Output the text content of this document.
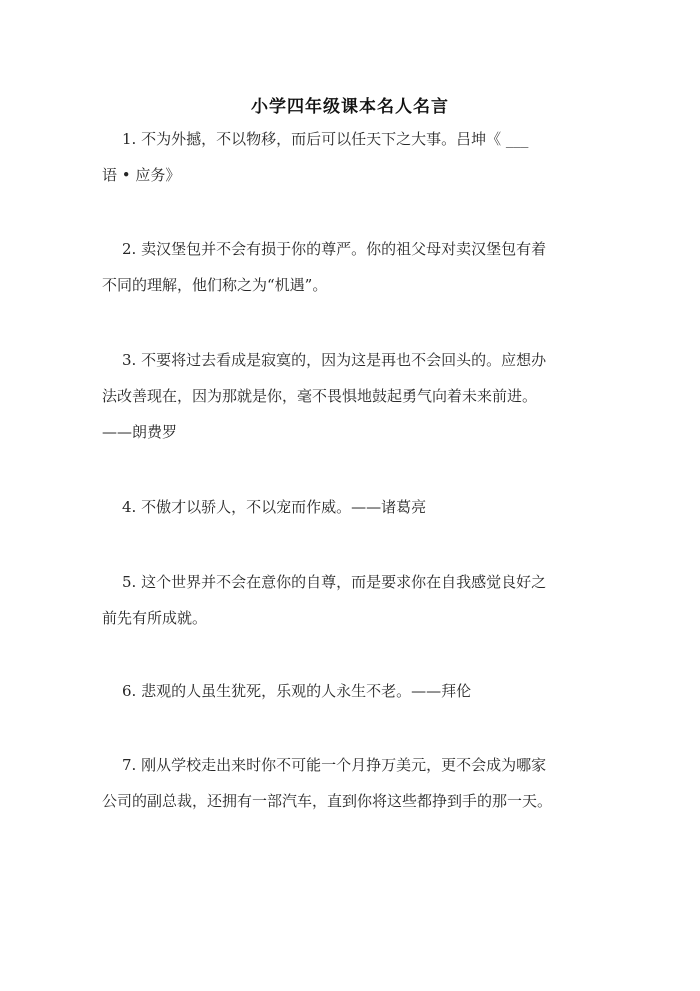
小学四年级课本名人名言
1. 不为外撼，不以物移，而后可以任天下之大事。吕坤《 ___
语 • 应务》
2. 卖汉堡包并不会有损于你的尊严。你的祖父母对卖汉堡包有着
不同的理解，他们称之为“机遇”。
3. 不要将过去看成是寂寞的，因为这是再也不会回头的。应想办
法改善现在，因为那就是你，毫不畏惧地鼓起勇气向着未来前进。
——朗费罗
4. 不傲才以骄人，不以宠而作威。——诸葛亮
5. 这个世界并不会在意你的自尊，而是要求你在自我感觉良好之
前先有所成就。
6. 悲观的人虽生犹死，乐观的人永生不老。——拜伦
7. 刚从学校走出来时你不可能一个月挣万美元，更不会成为哪家
公司的副总裁，还拥有一部汽车，直到你将这些都挣到手的那一天。
